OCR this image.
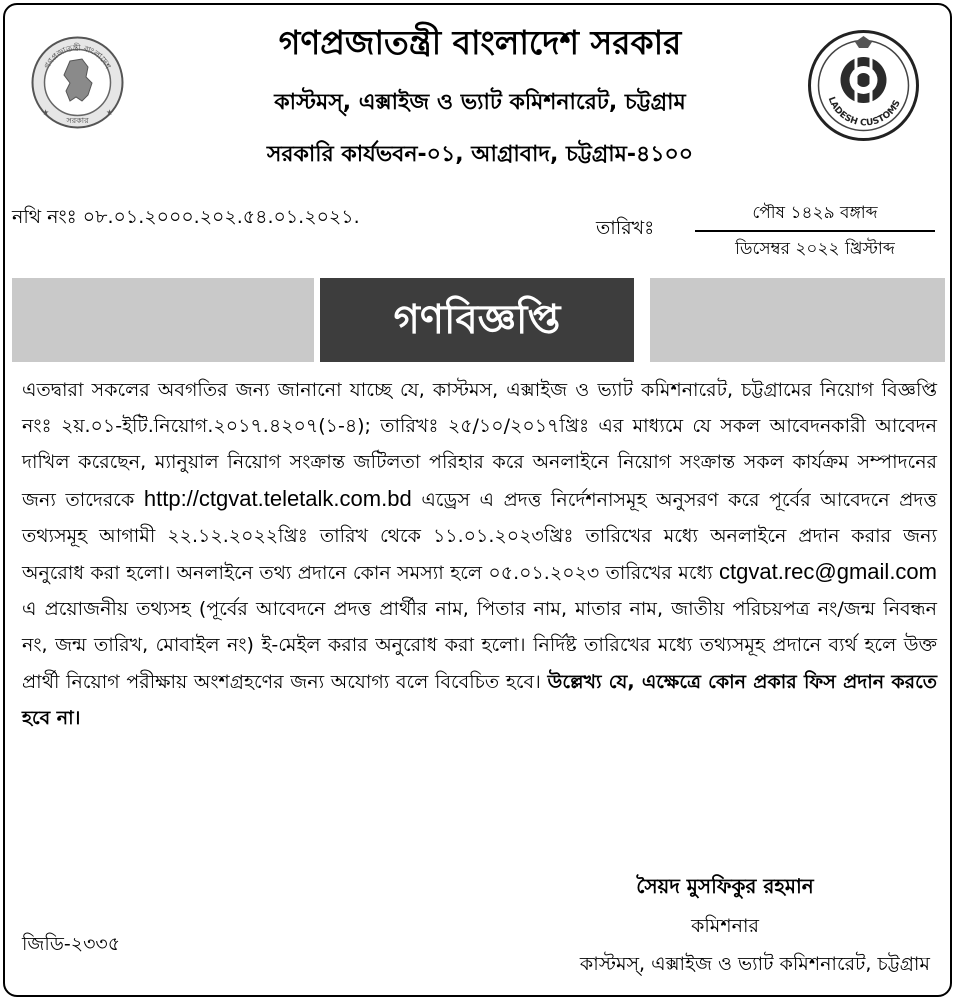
গণপ্রজাতন্ত্রী বাংলাদেশ
সরকার
★	★
LADESH CUSTOMS
গণপ্রজাতন্ত্রী বাংলাদেশ সরকার
কাস্টমস্, এক্সাইজ ও ভ্যাট কমিশনারেট, চট্টগ্রাম
সরকারি কার্যভবন-০১, আগ্রাবাদ, চট্টগ্রাম-৪১০০
নথি নংঃ ০৮.০১.২০০০.২০২.৫৪.০১.২০২১.	তারিখঃ
পৌষ ১৪২৯ বঙ্গাব্দ
ডিসেম্বর ২০২২ খ্রিস্টাব্দ
গণবিজ্ঞপ্তি
এতদ্বারা সকলের অবগতির জন্য জানানো যাচ্ছে যে, কাস্টমস, এক্সাইজ ও ভ্যাট কমিশনারেট, চট্টগ্রামের নিয়োগ বিজ্ঞপ্তি নংঃ ২য়.০১-ইটি.নিয়োগ.২০১৭.৪২০৭(১-৪); তারিখঃ ২৫/১০/২০১৭খ্রিঃ এর মাধ্যমে যে সকল আবেদনকারী আবেদন দাখিল করেছেন, ম্যানুয়াল নিয়োগ সংক্রান্ত জটিলতা পরিহার করে অনলাইনে নিয়োগ সংক্রান্ত সকল কার্যক্রম সম্পাদনের জন্য তাদেরকে http://ctgvat.teletalk.com.bd এড্রেস এ প্রদত্ত নির্দেশনাসমূহ অনুসরণ করে পূর্বের আবেদনে প্রদত্ত তথ্যসমূহ আগামী ২২.১২.২০২২খ্রিঃ তারিখ থেকে ১১.০১.২০২৩খ্রিঃ তারিখের মধ্যে অনলাইনে প্রদান করার জন্য অনুরোধ করা হলো। অনলাইনে তথ্য প্রদানে কোন সমস্যা হলে ০৫.০১.২০২৩ তারিখের মধ্যে ctgvat.rec@gmail.com এ প্রয়োজনীয় তথ্যসহ (পূর্বের আবেদনে প্রদত্ত প্রার্থীর নাম, পিতার নাম, মাতার নাম, জাতীয় পরিচয়পত্র নং/জন্ম নিবন্ধন নং, জন্ম তারিখ, মোবাইল নং) ই-মেইল করার অনুরোধ করা হলো। নির্দিষ্ট তারিখের মধ্যে তথ্যসমূহ প্রদানে ব্যর্থ হলে উক্ত প্রার্থী নিয়োগ পরীক্ষায় অংশগ্রহণের জন্য অযোগ্য বলে বিবেচিত হবে। উল্লেখ্য যে, এক্ষেত্রে কোন প্রকার ফিস প্রদান করতে হবে না।
সৈয়দ মুসফিকুর রহমান
কমিশনার
কাস্টমস্, এক্সাইজ ও ভ্যাট কমিশনারেট, চট্টগ্রাম
জিডি-২৩৩৫
